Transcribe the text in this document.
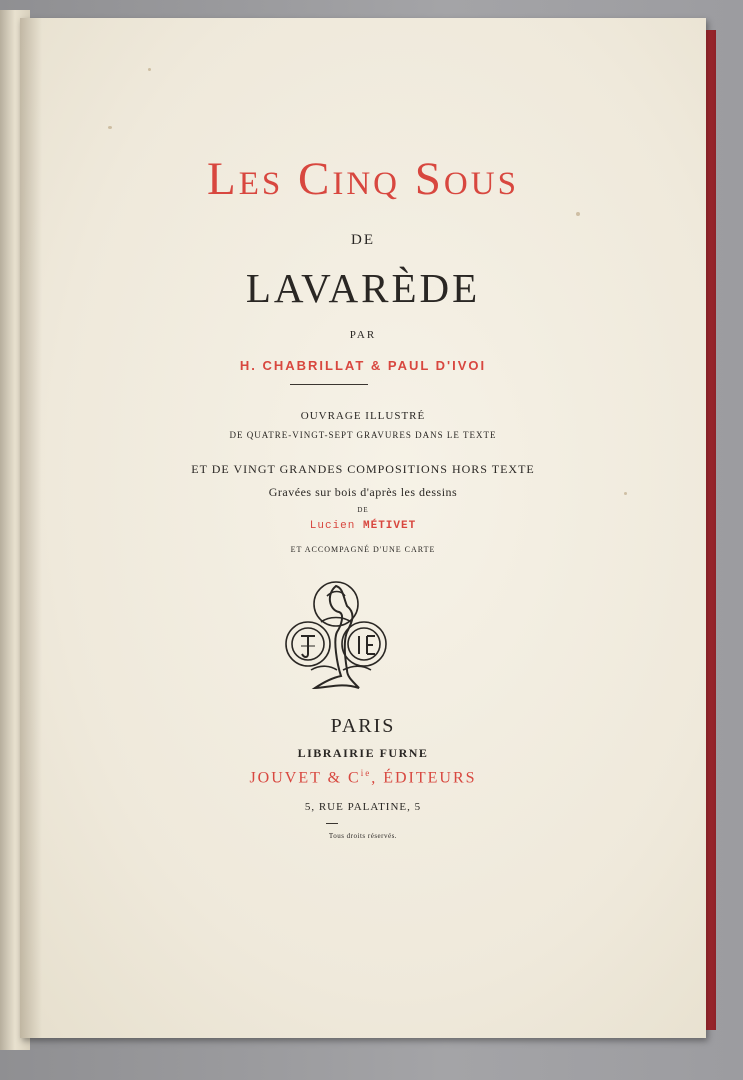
Les Cinq Sous
DE
LAVARÈDE
PAR
H. CHABRILLAT & PAUL D'IVOI
OUVRAGE ILLUSTRÉ
DE QUATRE-VINGT-SEPT GRAVURES DANS LE TEXTE
ET DE VINGT GRANDES COMPOSITIONS HORS TEXTE
Gravées sur bois d'après les dessins
DE
Lucien MÉTIVET
ET ACCOMPAGNÉ D'UNE CARTE
PARIS
LIBRAIRIE FURNE
JOUVET & $C^{ie}$, ÉDITEURS
5, RUE PALATINE, 5
Tous droits réservés.
